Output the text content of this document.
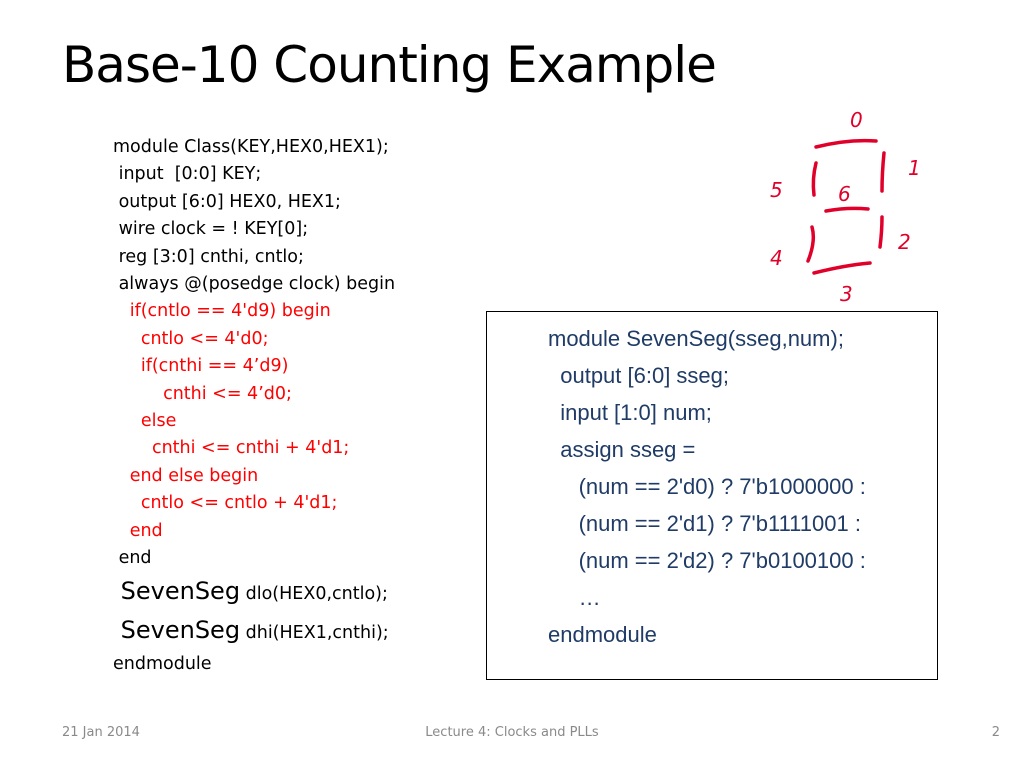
Base-10 Counting Example
module Class(KEY,HEX0,HEX1);
input  [0:0] KEY;
output [6:0] HEX0, HEX1;
wire clock = ! KEY[0];
reg [3:0] cnthi, cntlo;
always @(posedge clock) begin
if(cntlo == 4'd9) begin
cntlo <= 4'd0;
if(cnthi == 4’d9)
cnthi <= 4’d0;
else
cnthi <= cnthi + 4'd1;
end else begin
cntlo <= cntlo + 4'd1;
end
end
SevenSeg dlo(HEX0,cntlo);
SevenSeg dhi(HEX1,cnthi);
endmodule
module SevenSeg(sseg,num);
output [6:0] sseg;
input [1:0] num;
assign sseg =
(num == 2'd0) ? 7'b1000000 :
(num == 2'd1) ? 7'b1111001 :
(num == 2'd2) ? 7'b0100100 :
…
endmodule
0
1
5	6
4
2
3
21 Jan 2014	Lecture 4: Clocks and PLLs	2
